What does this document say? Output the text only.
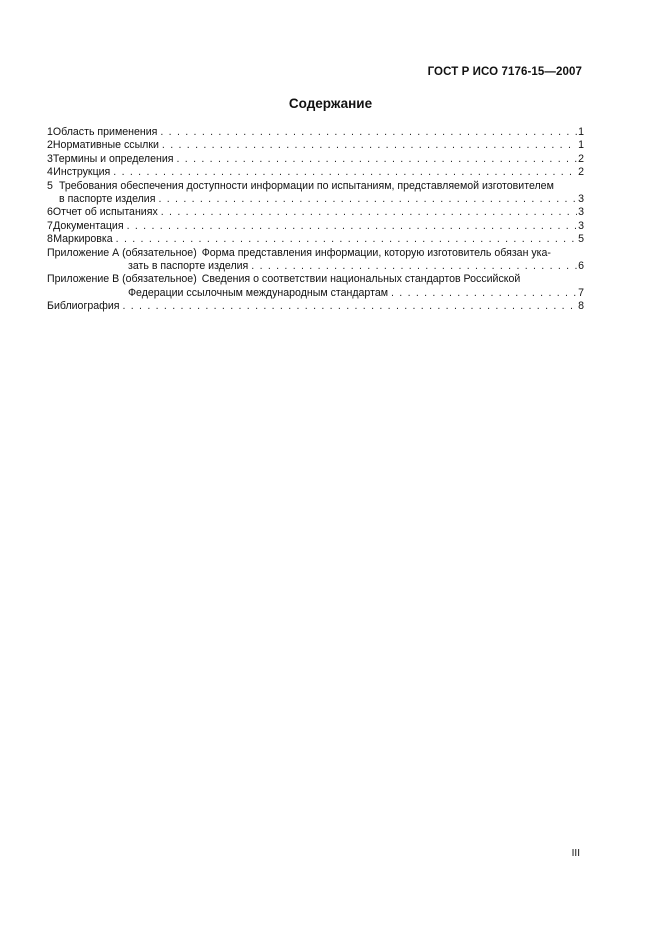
ГОСТ Р ИСО 7176-15—2007
Содержание
1 Область применения . . .	1
2 Нормативные ссылки . . .	1
3 Термины и определения . . .	2
4 Инструкция . . .	2
5 Требования обеспечения доступности информации по испытаниям, представляемой изготовителем
в паспорте изделия . . .	3
6 Отчет об испытаниях . . .	3
7 Документация . . .	3
8 Маркировка . . .	5
Приложение А (обязательное) Форма представления информации, которую изготовитель обязан ука-
зать в паспорте изделия . . .	6
Приложение В (обязательное) Сведения о соответствии национальных стандартов Российской
Федерации ссылочным международным стандартам . . .	7
Библиография . . .	8
III
